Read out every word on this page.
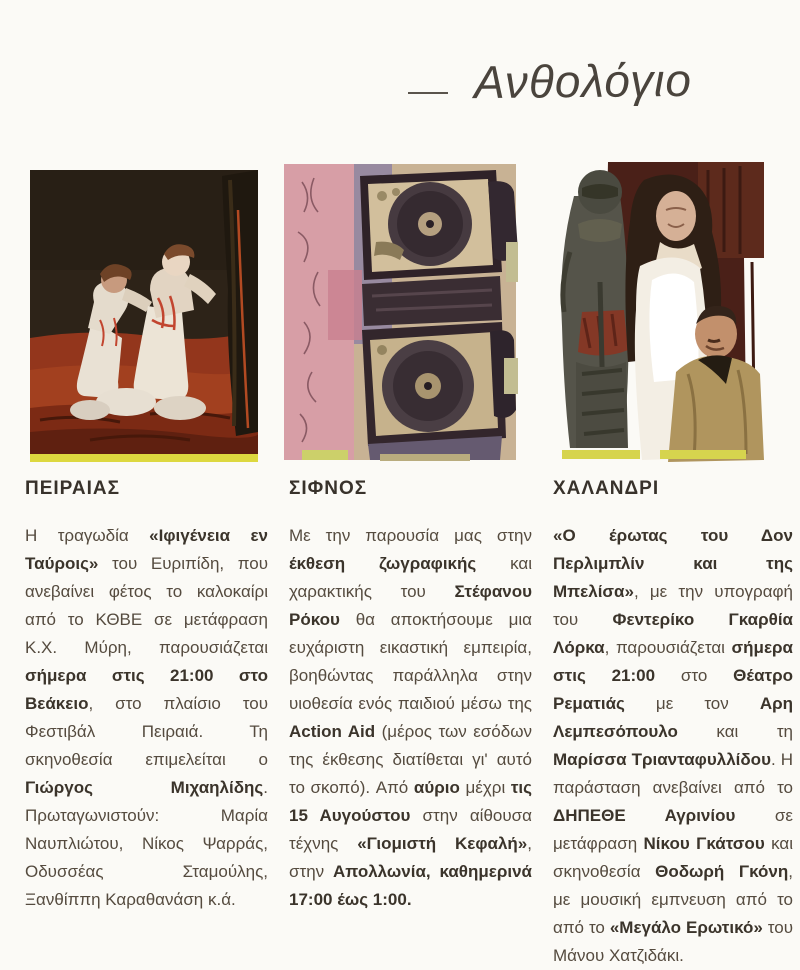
Ανθολόγιο
ΠΕΙΡΑΙΑΣ

Η τραγωδία «Ιφιγένεια εν Ταύροις» του Ευριπίδη, που ανεβαίνει φέτος το καλοκαίρι από το ΚΘΒΕ σε μετάφραση Κ.Χ. Μύρη, παρουσιάζεται σήμερα στις 21:00 στο Βεάκειο, στο πλαίσιο του Φεστιβάλ Πειραιά. Τη σκηνοθεσία επιμελείται ο Γιώργος Μιχαηλίδης. Πρωταγωνιστούν: Μαρία Ναυπλιώτου, Νίκος Ψαρράς, Οδυσσέας Σταμούλης, Ξανθίππη Καραθανάση κ.ά.

ΣΙΦΝΟΣ

Με την παρουσία μας στην έκθεση ζωγραφικής και χαρακτικής του Στέφανου Ρόκου θα αποκτήσουμε μια ευχάριστη εικαστική εμπειρία, βοηθώντας παράλληλα στην υιοθεσία ενός παιδιού μέσω της Action Aid (μέρος των εσόδων της έκθεσης διατίθεται γι' αυτό το σκοπό). Από αύριο μέχρι τις 15 Αυγούστου στην αίθουσα τέχνης «Γιομιστή Κεφαλή», στην Απολλωνία, καθημερινά 17:00 έως 1:00.

ΧΑΛΑΝΔΡΙ

«Ο έρωτας του Δον Περλιμπλίν και της Μπελίσα», με την υπογραφή του Φεντερίκο Γκαρθία Λόρκα, παρουσιάζεται σήμερα στις 21:00 στο Θέατρο Ρεματιάς με τον Αρη Λεμπεσόπουλο και τη Μαρίσσα Τριανταφυλλίδου. Η παράσταση ανεβαίνει από το ΔΗΠΕΘΕ Αγρινίου σε μετάφραση Νίκου Γκάτσου και σκηνοθεσία Θοδωρή Γκόνη, με μουσική εμπνευση από το από το «Μεγάλο Ερωτικό» του Μάνου Χατζιδάκι.
